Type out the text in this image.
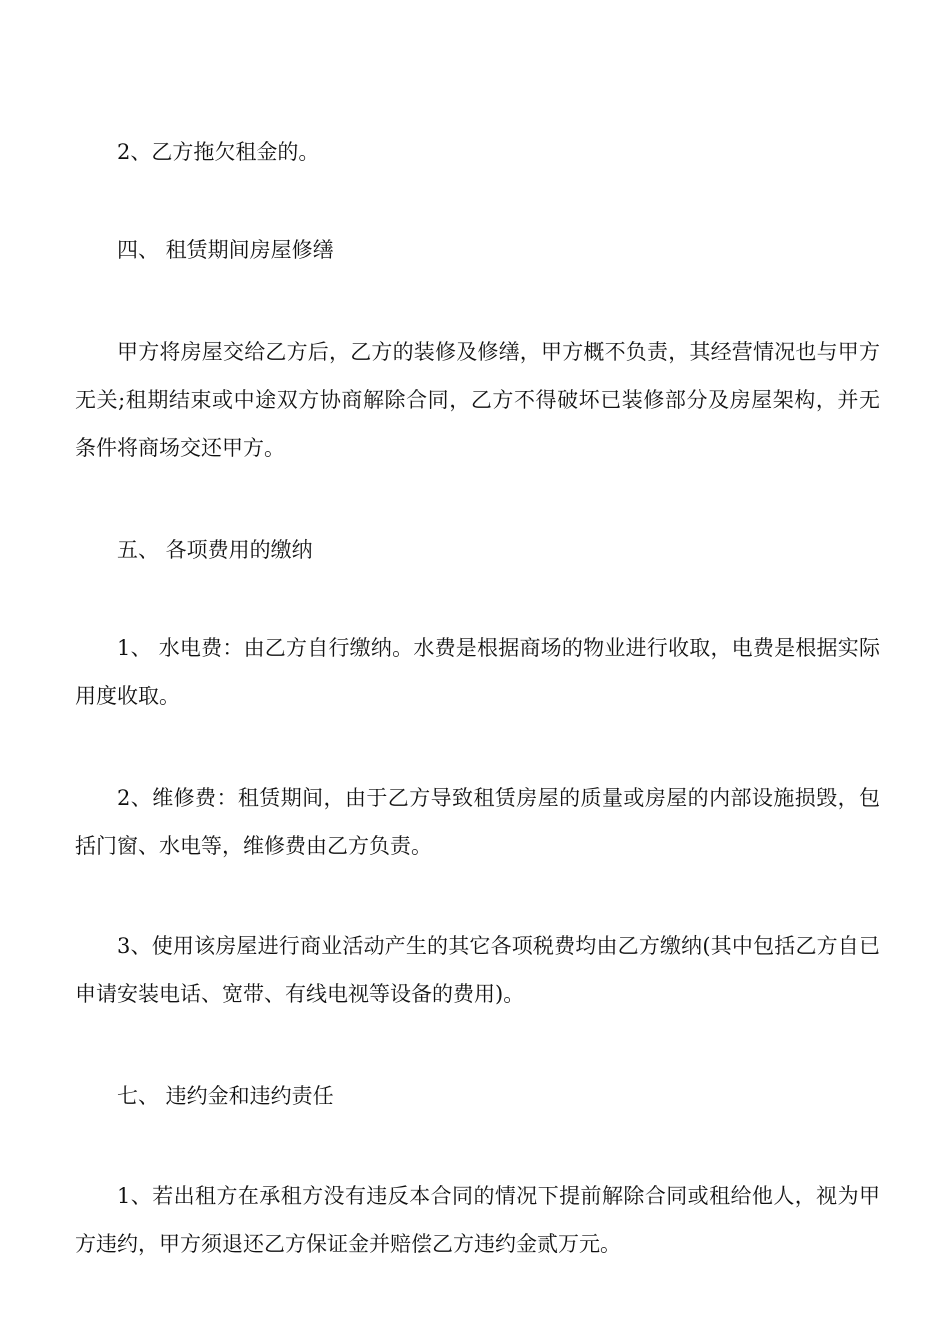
2、乙方拖欠租金的。

四、 租赁期间房屋修缮

甲方将房屋交给乙方后，乙方的装修及修缮，甲方概不负责，其经营情况也与甲方无关;租期结束或中途双方协商解除合同，乙方不得破坏已装修部分及房屋架构，并无条件将商场交还甲方。

五、 各项费用的缴纳

1、 水电费：由乙方自行缴纳。水费是根据商场的物业进行收取，电费是根据实际用度收取。

2、维修费：租赁期间，由于乙方导致租赁房屋的质量或房屋的内部设施损毁，包括门窗、水电等，维修费由乙方负责。

3、使用该房屋进行商业活动产生的其它各项税费均由乙方缴纳(其中包括乙方自已申请安装电话、宽带、有线电视等设备的费用)。

七、 违约金和违约责任

1、若出租方在承租方没有违反本合同的情况下提前解除合同或租给他人，视为甲方违约，甲方须退还乙方保证金并赔偿乙方违约金贰万元。
